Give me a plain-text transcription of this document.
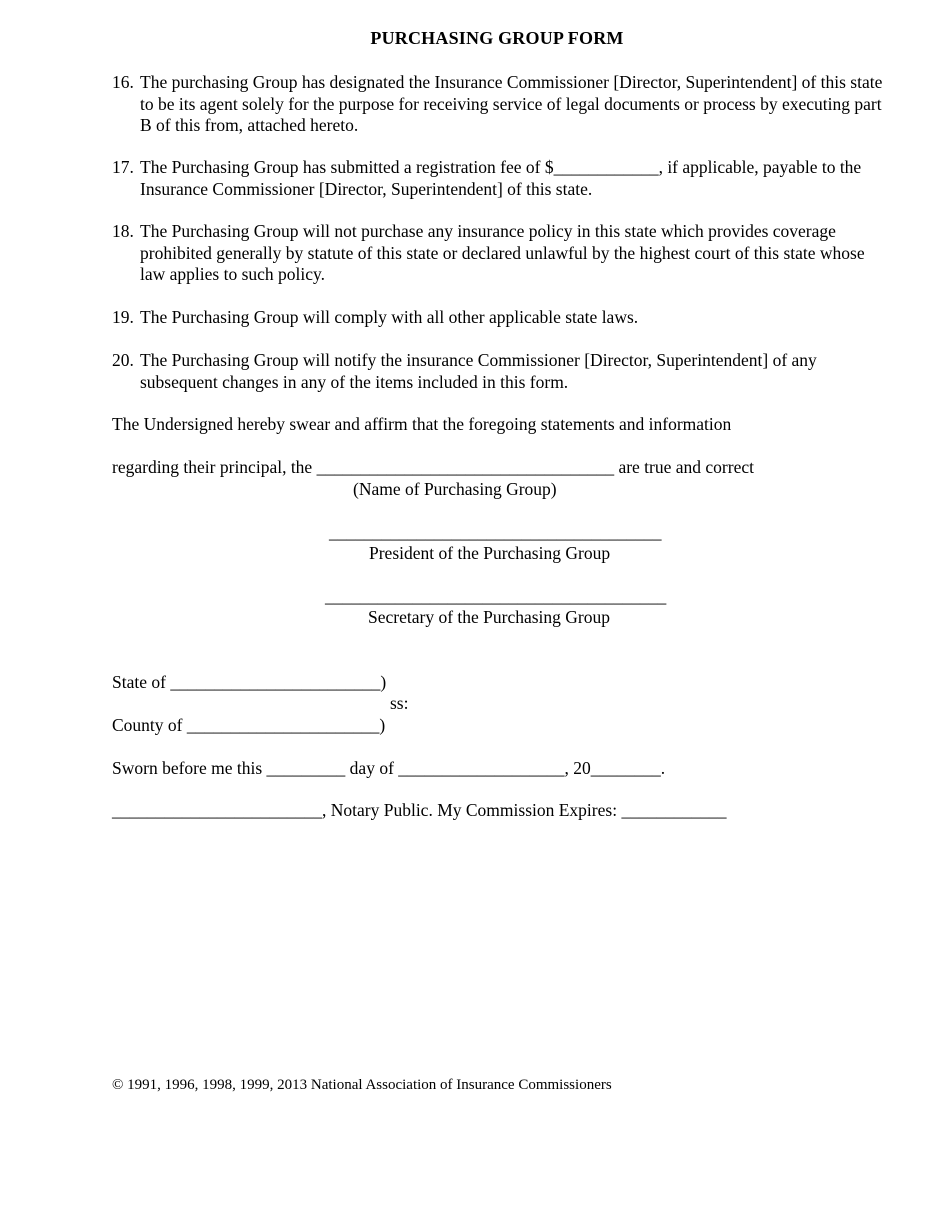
PURCHASING GROUP FORM
16. The purchasing Group has designated the Insurance Commissioner [Director, Superintendent] of this state to be its agent solely for the purpose for receiving service of legal documents or process by executing part B of this from, attached hereto.
17. The Purchasing Group has submitted a registration fee of $____________, if applicable, payable to the Insurance Commissioner [Director, Superintendent] of this state.
18. The Purchasing Group will not purchase any insurance policy in this state which provides coverage prohibited generally by statute of this state or declared unlawful by the highest court of this state whose law applies to such policy.
19. The Purchasing Group will comply with all other applicable state laws.
20. The Purchasing Group will notify the insurance Commissioner [Director, Superintendent] of any subsequent changes in any of the items included in this form.
The Undersigned hereby swear and affirm that the foregoing statements and information
regarding their principal, the __________________________________ are true and correct
(Name of Purchasing Group)
______________________________________
President of the Purchasing Group
_______________________________________
Secretary of the Purchasing Group
State of ________________________)
ss:
County of ______________________)
Sworn before me this _________ day of ___________________, 20________.
________________________, Notary Public. My Commission Expires: ____________
© 1991, 1996, 1998, 1999, 2013 National Association of Insurance Commissioners
